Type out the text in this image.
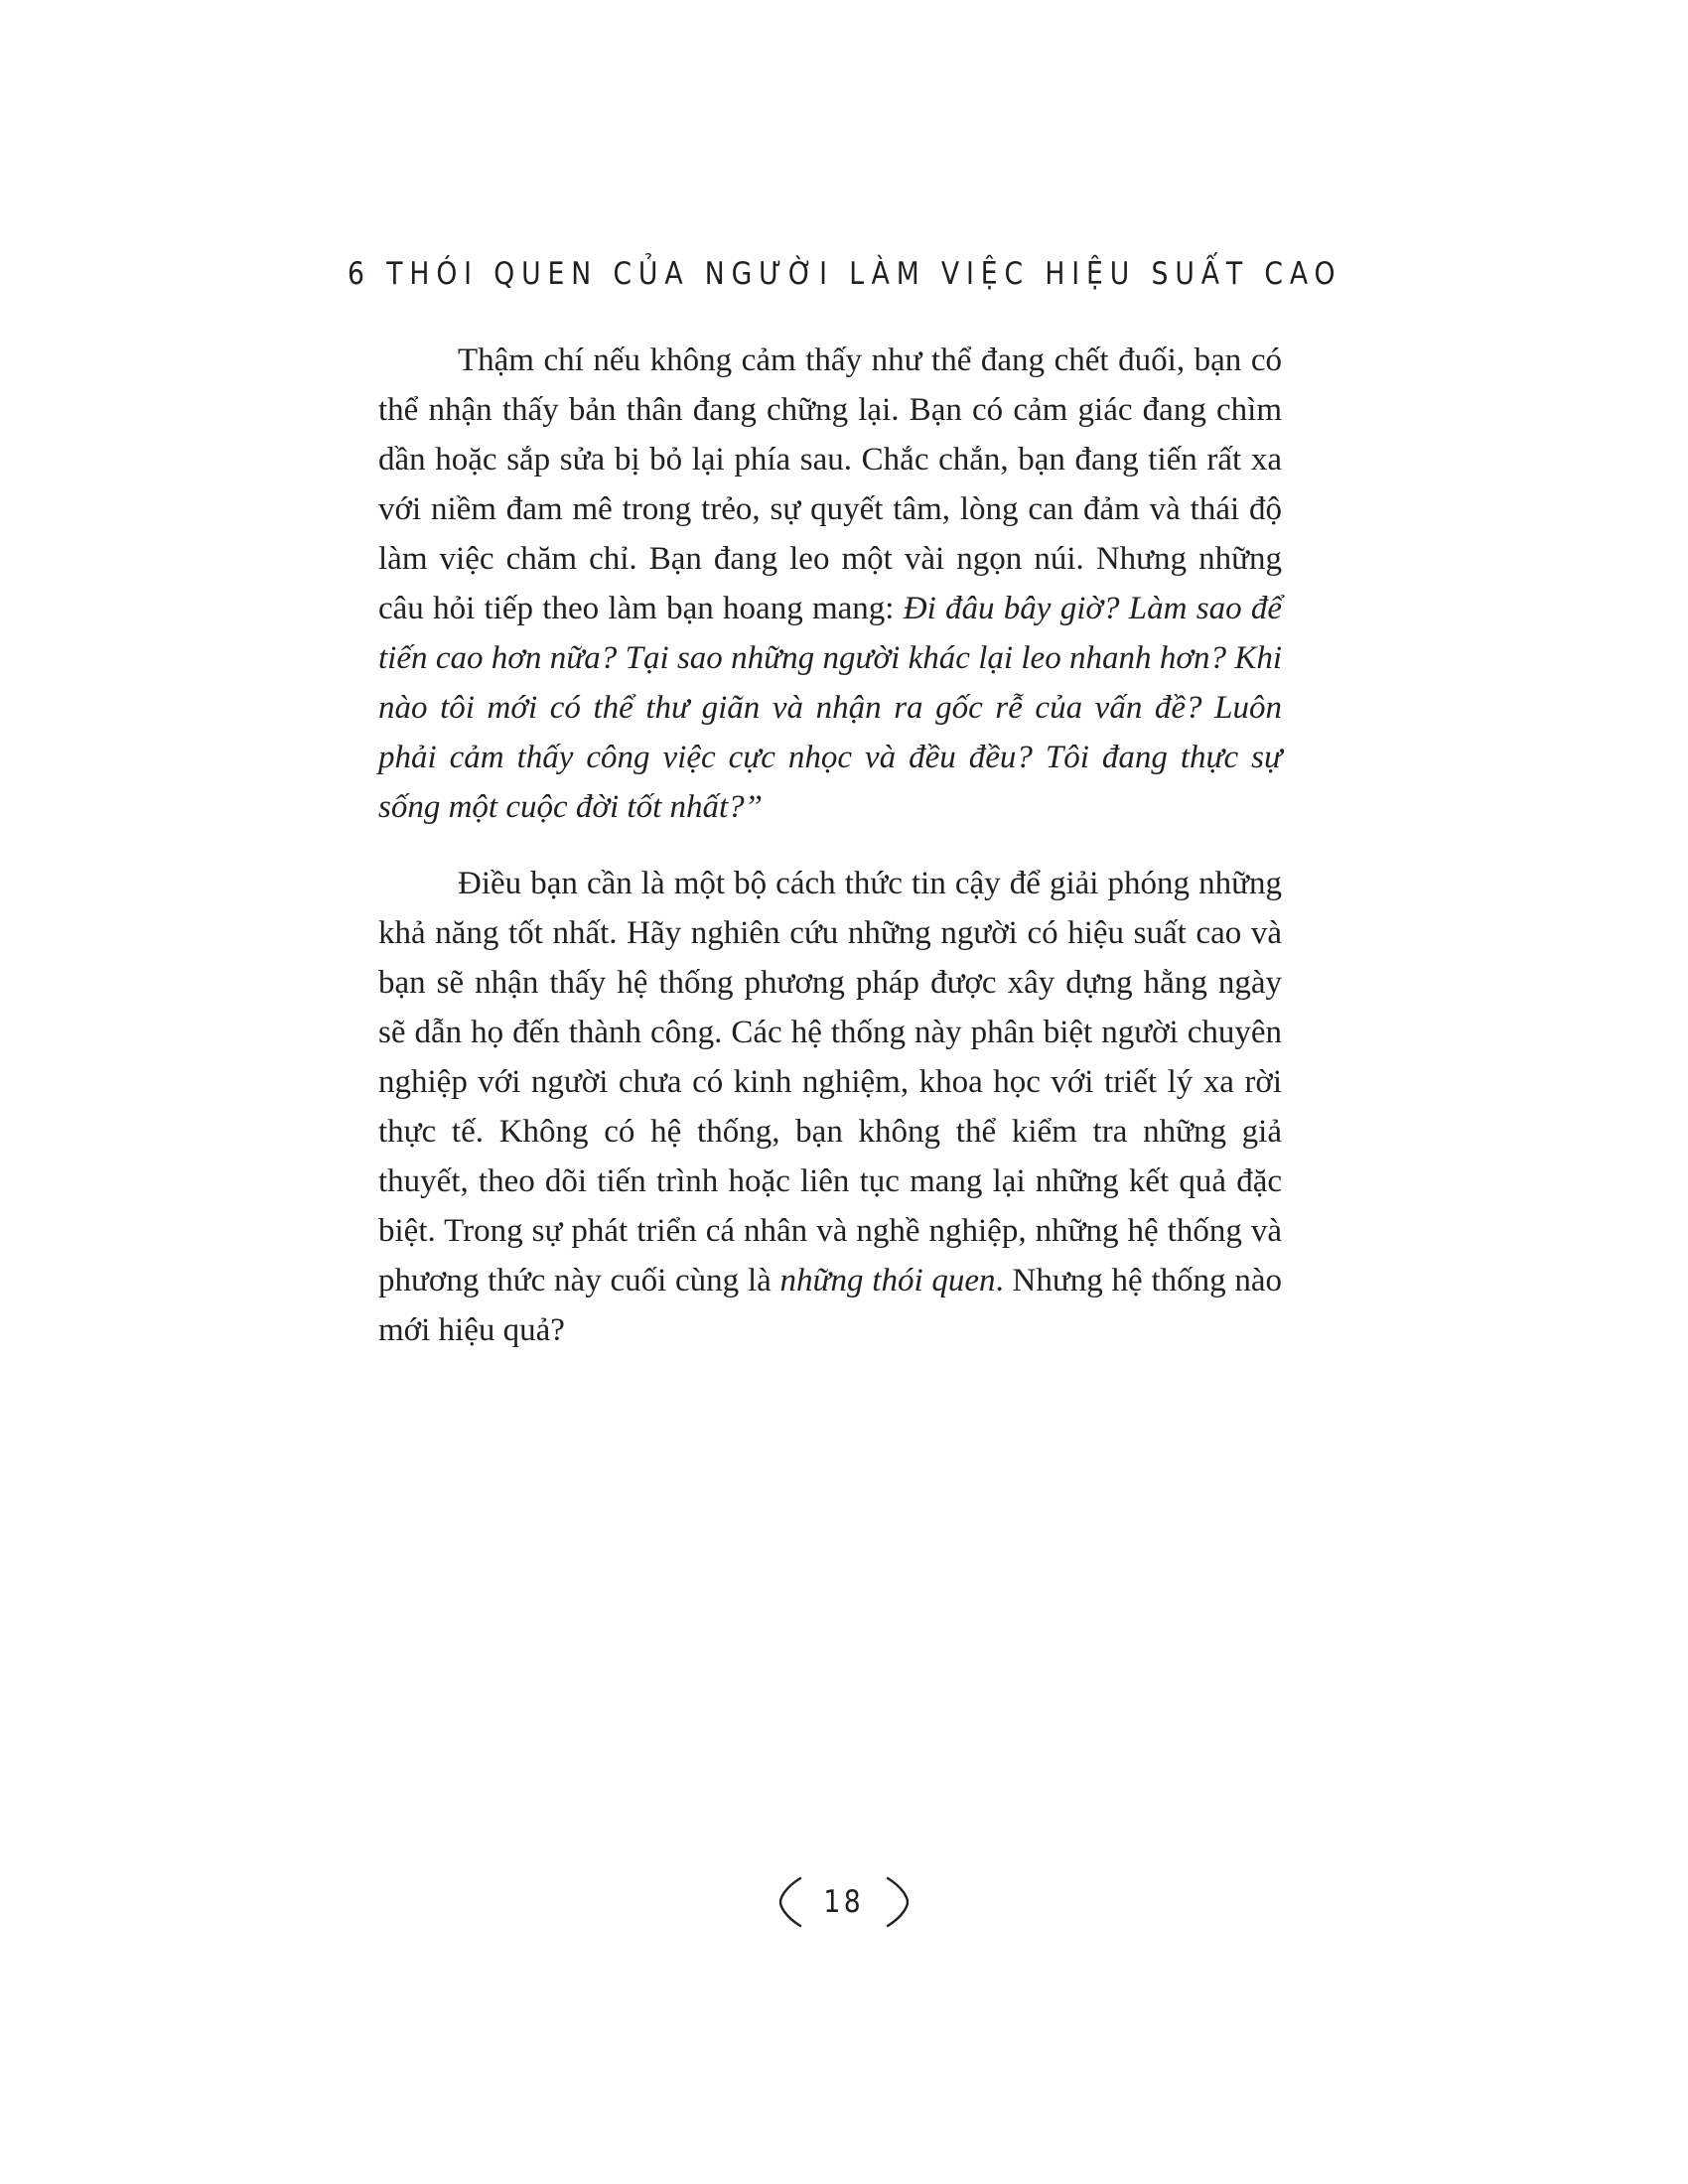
6 THÓI QUEN CỦA NGƯỜI LÀM VIỆC HIỆU SUẤT CAO

Thậm chí nếu không cảm thấy như thể đang chết đuối, bạn có thể nhận thấy bản thân đang chững lại. Bạn có cảm giác đang chìm dần hoặc sắp sửa bị bỏ lại phía sau. Chắc chắn, bạn đang tiến rất xa với niềm đam mê trong trẻo, sự quyết tâm, lòng can đảm và thái độ làm việc chăm chỉ. Bạn đang leo một vài ngọn núi. Nhưng những câu hỏi tiếp theo làm bạn hoang mang: Đi đâu bây giờ? Làm sao để tiến cao hơn nữa? Tại sao những người khác lại leo nhanh hơn? Khi nào tôi mới có thể thư giãn và nhận ra gốc rễ của vấn đề? Luôn phải cảm thấy công việc cực nhọc và đều đều? Tôi đang thực sự sống một cuộc đời tốt nhất?”

Điều bạn cần là một bộ cách thức tin cậy để giải phóng những khả năng tốt nhất. Hãy nghiên cứu những người có hiệu suất cao và bạn sẽ nhận thấy hệ thống phương pháp được xây dựng hằng ngày sẽ dẫn họ đến thành công. Các hệ thống này phân biệt người chuyên nghiệp với người chưa có kinh nghiệm, khoa học với triết lý xa rời thực tế. Không có hệ thống, bạn không thể kiểm tra những giả thuyết, theo dõi tiến trình hoặc liên tục mang lại những kết quả đặc biệt. Trong sự phát triển cá nhân và nghề nghiệp, những hệ thống và phương thức này cuối cùng là những thói quen. Nhưng hệ thống nào mới hiệu quả?

18
